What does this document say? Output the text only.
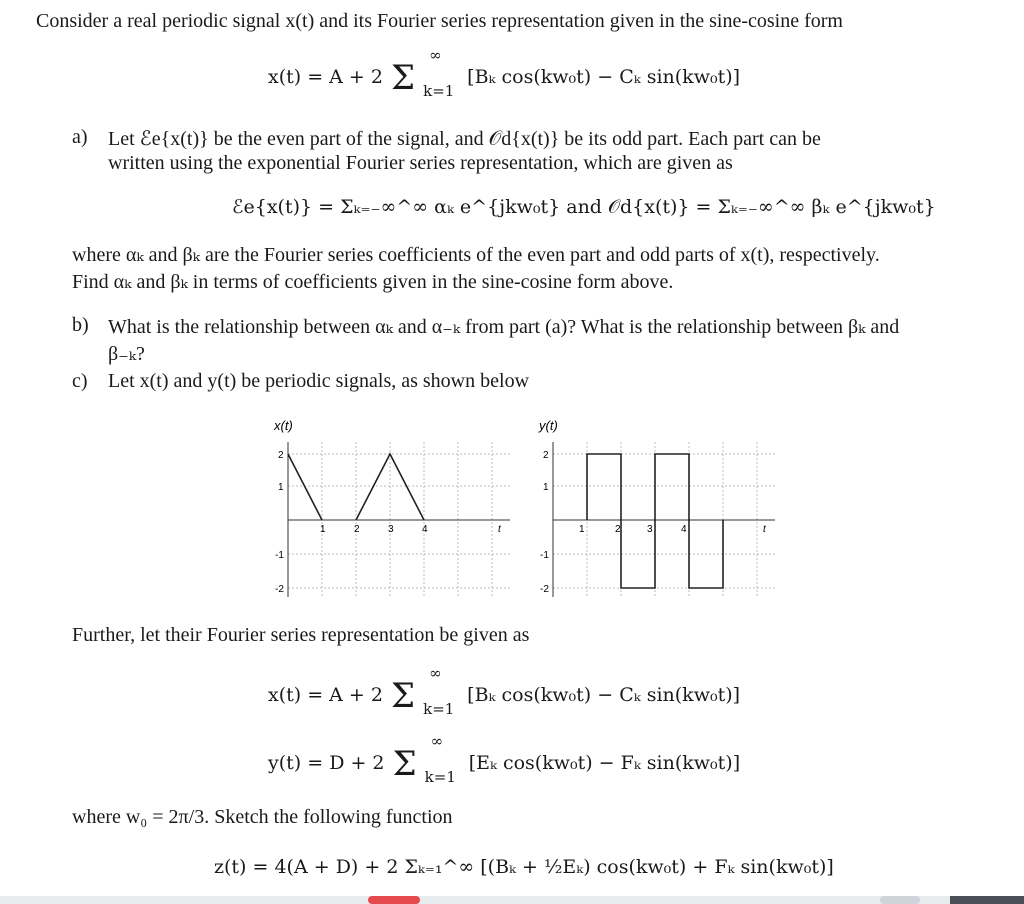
Consider a real periodic signal x(t) and its Fourier series representation given in the sine-cosine form
x(t) = A + 2 Σ
∞
k=1
[Bₖ cos(kw₀t) − Cₖ sin(kw₀t)]
a) Let ℰe{x(t)} be the even part of the signal, and 𝒪d{x(t)} be its odd part. Each part can be
written using the exponential Fourier series representation, which are given as
ℰe{x(t)} = Σₖ₌₋∞^∞ αₖ e^{jkw₀t} and 𝒪d{x(t)} = Σₖ₌₋∞^∞ βₖ e^{jkw₀t}
where αₖ and βₖ are the Fourier series coefficients of the even part and odd parts of x(t), respectively.
Find αₖ and βₖ in terms of coefficients given in the sine-cosine form above.
b) What is the relationship between αₖ and α₋ₖ from part (a)? What is the relationship between βₖ and
β₋ₖ?
c) Let x(t) and y(t) be periodic signals, as shown below
x(t)
2
1
-1
-2
1	2	3	4	t
y(t)
2
1
-1
-2
1	2	3	4	t
Further, let their Fourier series representation be given as
x(t) = A + 2 Σ
∞
k=1
[Bₖ cos(kw₀t) − Cₖ sin(kw₀t)]
y(t) = D + 2 Σ
∞
k=1
[Eₖ cos(kw₀t) − Fₖ sin(kw₀t)]
where w₀ = 2π/3. Sketch the following function
z(t) = 4(A + D) + 2 Σₖ₌₁^∞ [(Bₖ + ½Eₖ) cos(kw₀t) + Fₖ sin(kw₀t)]
